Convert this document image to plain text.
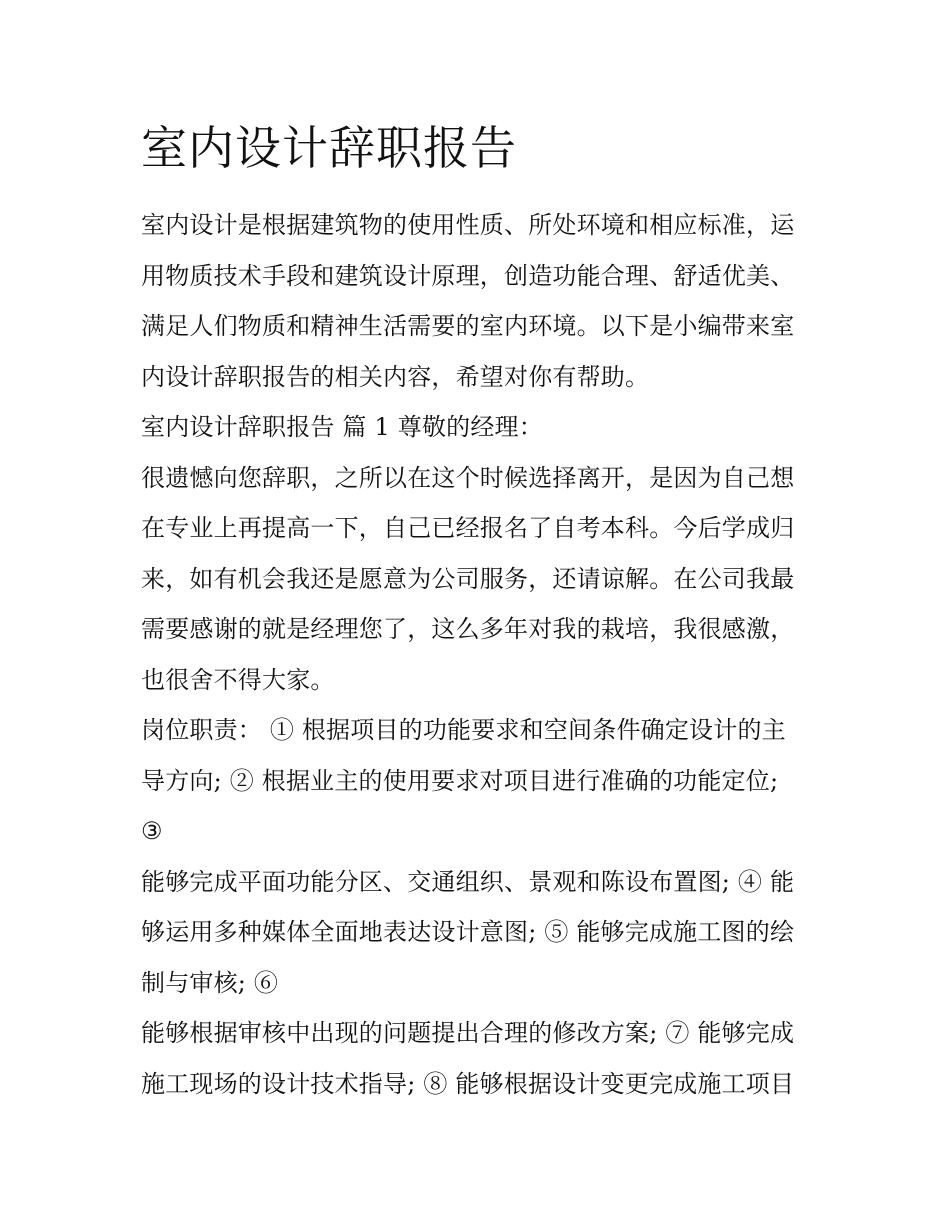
室内设计辞职报告

室内设计是根据建筑物的使用性质、所处环境和相应标准，运
用物质技术手段和建筑设计原理，创造功能合理、舒适优美、
满足人们物质和精神生活需要的室内环境。以下是小编带来室
内设计辞职报告的相关内容，希望对你有帮助。

室内设计辞职报告 篇 1 尊敬的经理：

很遗憾向您辞职，之所以在这个时候选择离开，是因为自己想
在专业上再提高一下，自己已经报名了自考本科。今后学成归
来，如有机会我还是愿意为公司服务，还请谅解。在公司我最
需要感谢的就是经理您了，这么多年对我的栽培，我很感激，
也很舍不得大家。

岗位职责： ① 根据项目的功能要求和空间条件确定设计的主
导方向; ② 根据业主的使用要求对项目进行准确的功能定位;
③

能够完成平面功能分区、交通组织、景观和陈设布置图; ④ 能
够运用多种媒体全面地表达设计意图; ⑤ 能够完成施工图的绘
制与审核; ⑥

能够根据审核中出现的问题提出合理的修改方案; ⑦ 能够完成
施工现场的设计技术指导; ⑧ 能够根据设计变更完成施工项目
